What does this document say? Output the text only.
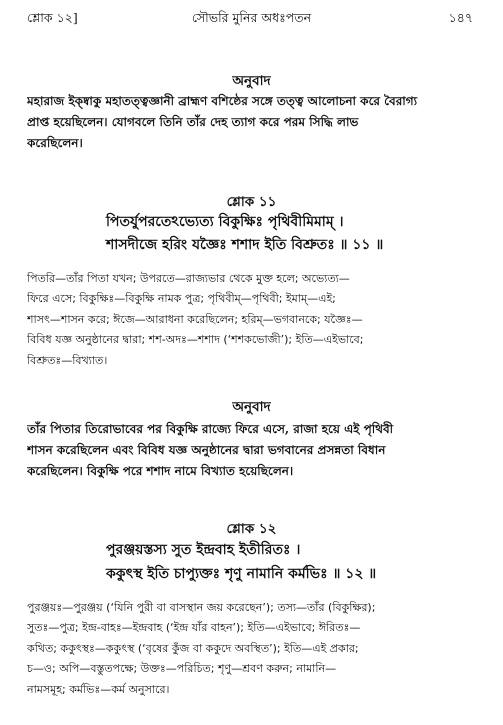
সৌভরি মুনির অধঃপতন
শ্লোক ১২]	১৪৭
অনুবাদ
মহারাজ ইক্ষ্বাকু মহাতত্ত্বজ্ঞানী ব্রাহ্মণ বশিষ্ঠের সঙ্গে তত্ত্ব আলোচনা করে বৈরাগ্য
প্রাপ্ত হয়েছিলেন। যোগবলে তিনি তাঁর দেহ ত্যাগ করে পরম সিদ্ধি লাভ
করেছিলেন।
শ্লোক ১১
পিতর্যুপরতেঽভ্যেত্য বিকুক্ষিঃ পৃথিবীমিমাম্ ।
শাসদীজে হরিং যজ্ঞৈঃ শশাদ ইতি বিশ্রুতঃ ॥ ১১ ॥
পিতরি—তাঁর পিতা যখন; উপরতে—রাজ্যভার থেকে মুক্ত হলে; অভ্যেত্য—
ফিরে এসে; বিকুক্ষিঃ—বিকুক্ষি নামক পুত্র; পৃথিবীম্—পৃথিবী; ইমাম্—এই;
শাসৎ—শাসন করে; ঈজে—আরাধনা করেছিলেন; হরিম্—ভগবানকে; যজ্ঞৈঃ—
বিবিধ যজ্ঞ অনুষ্ঠানের দ্বারা; শশ-অদঃ—শশাদ (‘শশকভোজী’); ইতি—এইভাবে;
বিশ্রুতঃ—বিখ্যাত।
অনুবাদ
তাঁর পিতার তিরোভাবের পর বিকুক্ষি রাজ্যে ফিরে এসে, রাজা হয়ে এই পৃথিবী
শাসন করেছিলেন এবং বিবিধ যজ্ঞ অনুষ্ঠানের দ্বারা ভগবানের প্রসন্নতা বিধান
করেছিলেন। বিকুক্ষি পরে শশাদ নামে বিখ্যাত হয়েছিলেন।
শ্লোক ১২
পুরঞ্জয়স্তস্য সুত ইন্দ্রবাহ ইতীরিতঃ ।
ককুৎস্থ ইতি চাপ্যুক্তঃ শৃণু নামানি কর্মভিঃ ॥ ১২ ॥
পুরঞ্জয়ঃ—পুরঞ্জয় (‘যিনি পুরী বা বাসস্থান জয় করেছেন’); তস্য—তাঁর (বিকুক্ষির);
সুতঃ—পুত্র; ইন্দ্র-বাহঃ—ইন্দ্রবাহ (‘ইন্দ্র যাঁর বাহন’); ইতি—এইভাবে; ঈরিতঃ—
কথিত; ককুৎস্থঃ—ককুৎস্থ (‘বৃষের কুঁজ বা ককুদে অবস্থিত’); ইতি—এই প্রকার;
চ—ও; অপি—বস্তুতপক্ষে; উক্তঃ—পরিচিত; শৃণু—শ্রবণ করুন; নামানি—
নামসমূহ; কর্মভিঃ—কর্ম অনুসারে।
